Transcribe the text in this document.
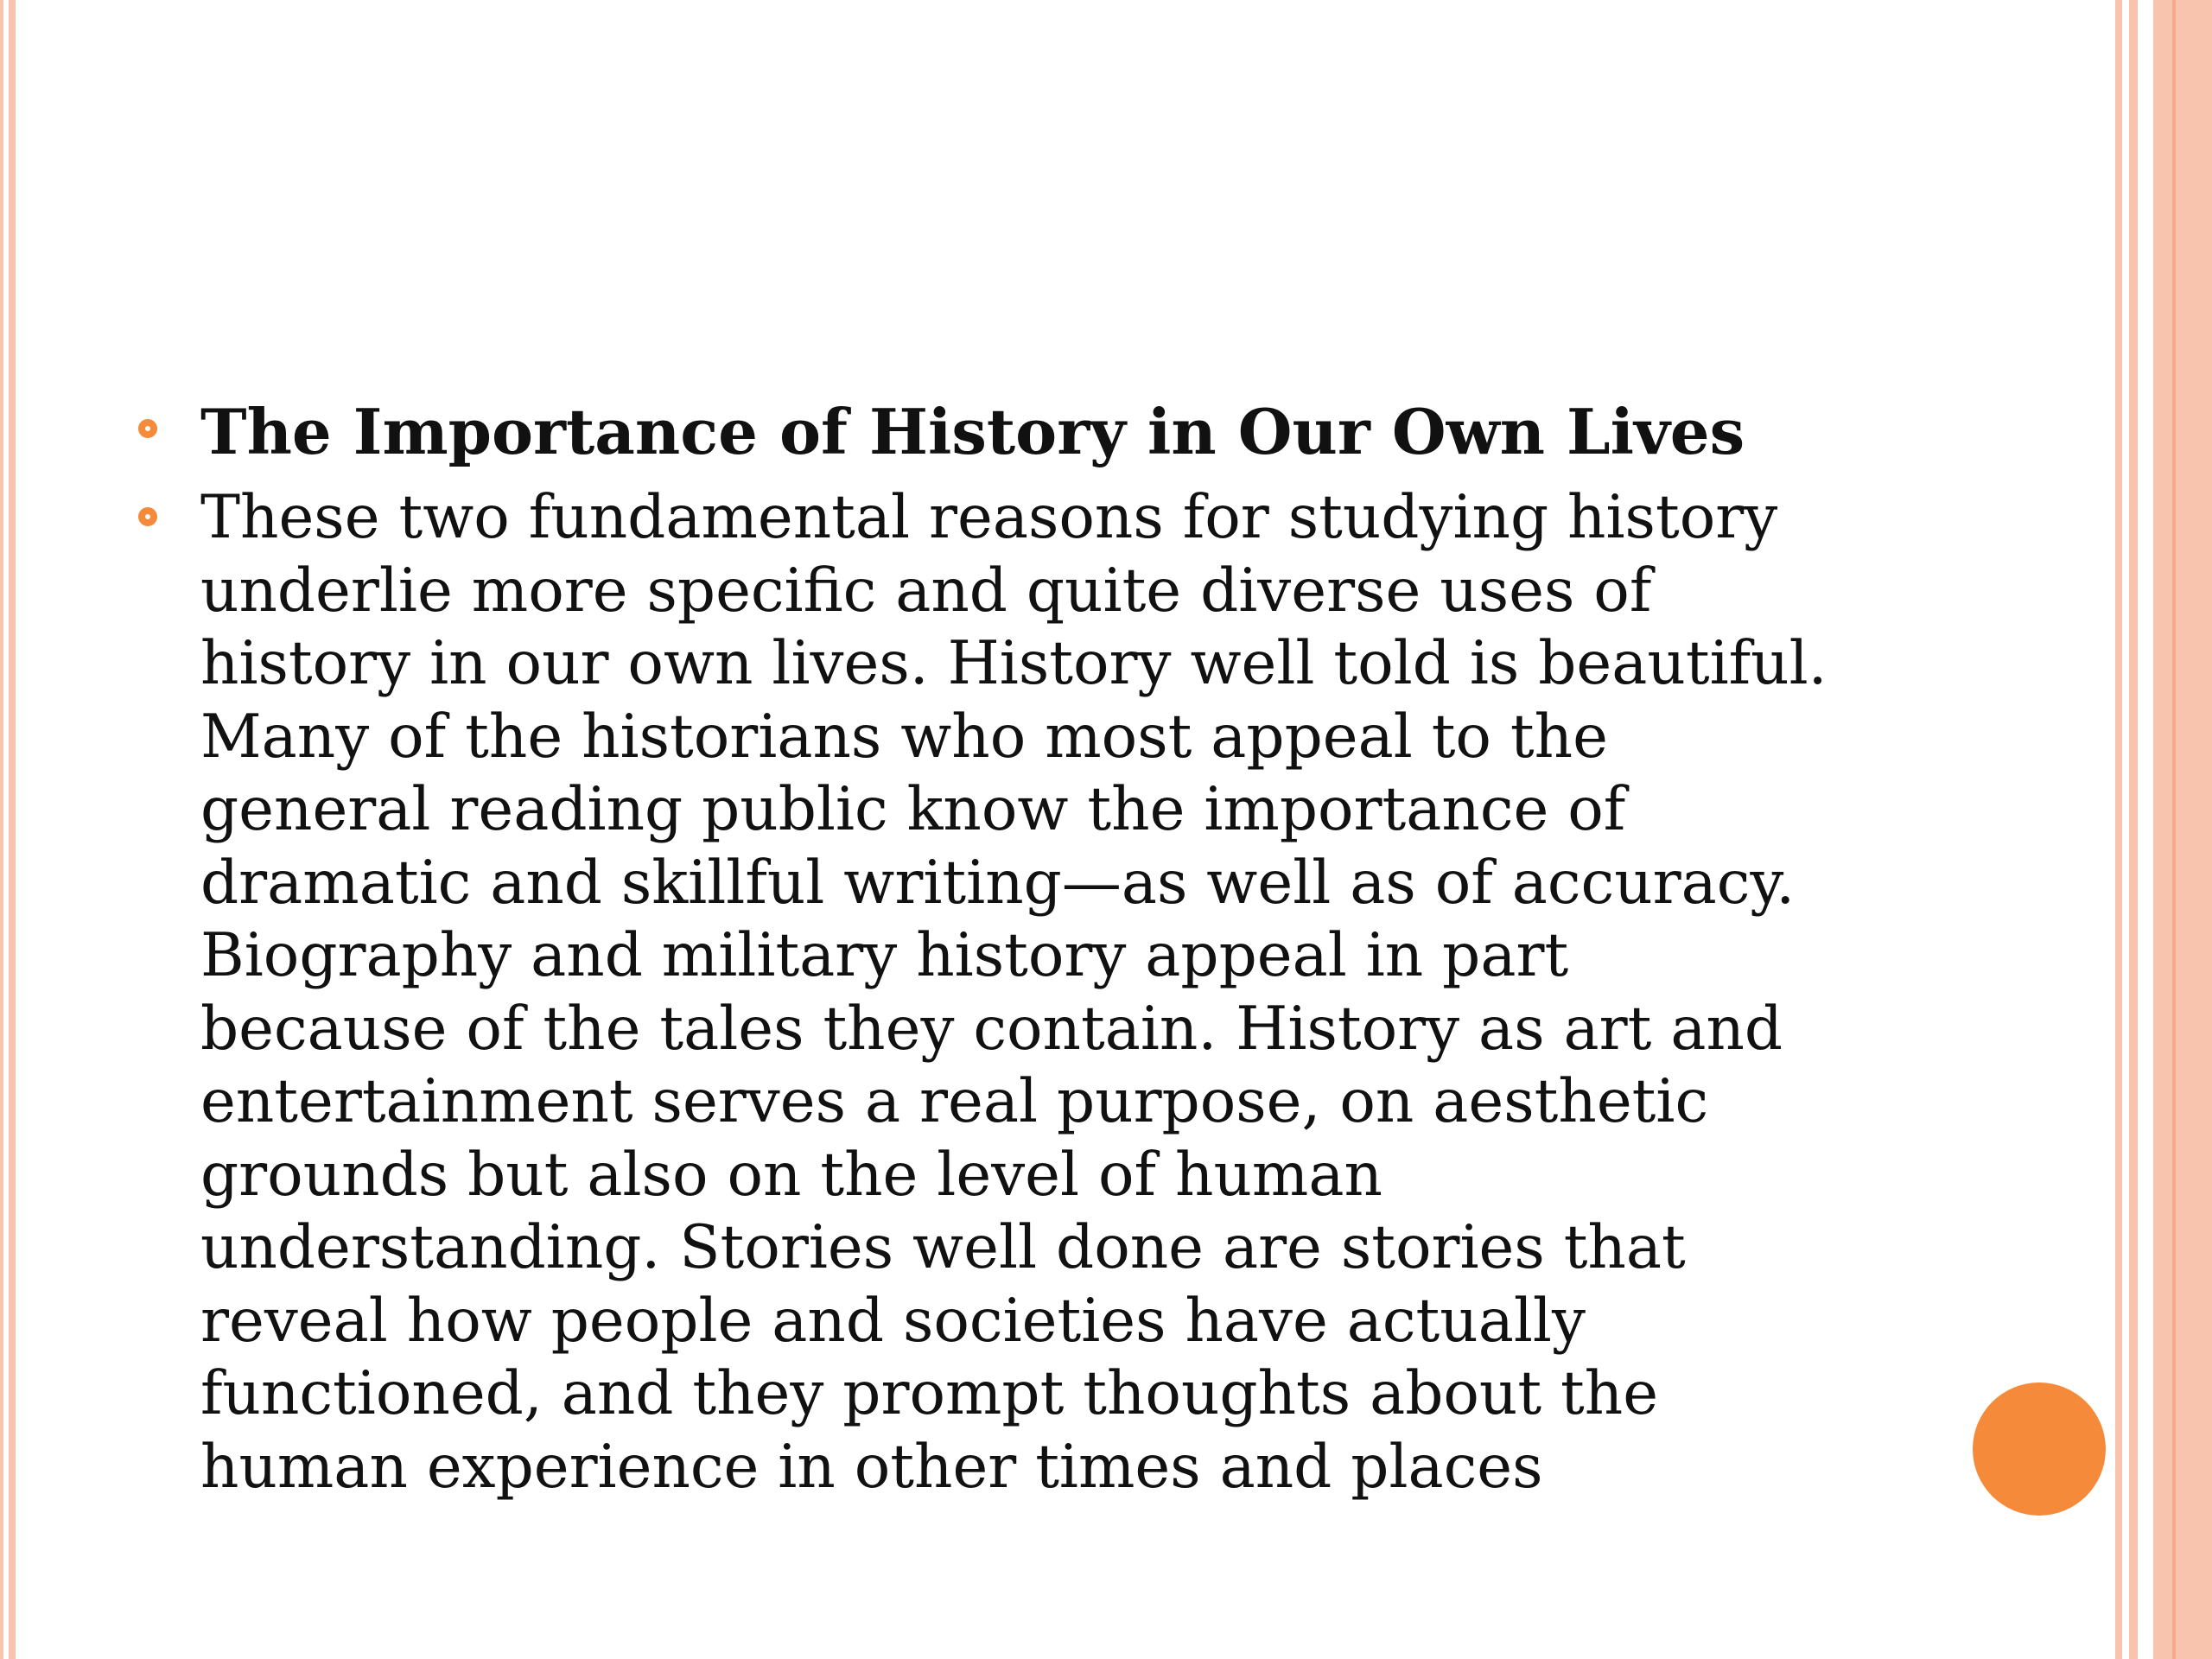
The Importance of History in Our Own Lives
These two fundamental reasons for studying history
underlie more specific and quite diverse uses of
history in our own lives. History well told is beautiful.
Many of the historians who most appeal to the
general reading public know the importance of
dramatic and skillful writing—as well as of accuracy.
Biography and military history appeal in part
because of the tales they contain. History as art and
entertainment serves a real purpose, on aesthetic
grounds but also on the level of human
understanding. Stories well done are stories that
reveal how people and societies have actually
functioned, and they prompt thoughts about the
human experience in other times and places
